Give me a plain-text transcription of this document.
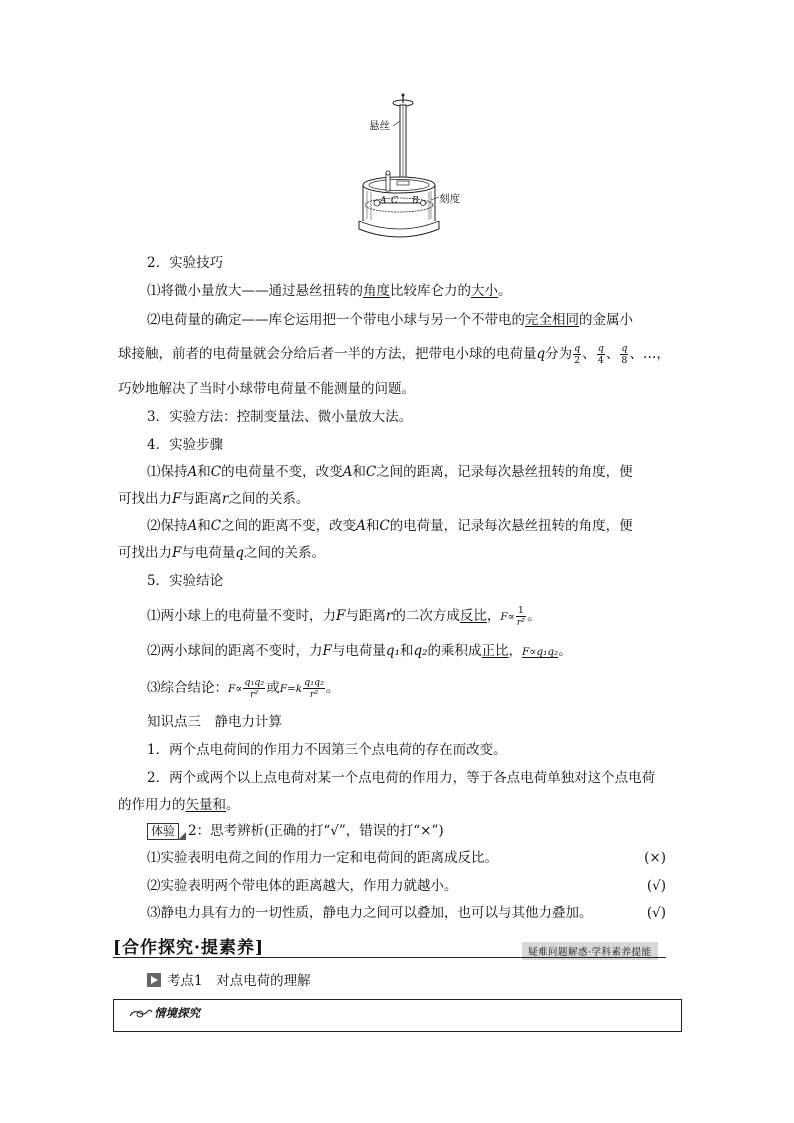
悬丝
刻度
A C B
2．实验技巧
⑴将微小量放大——通过悬丝扭转的角度比较库仑力的大小。
⑵电荷量的确定——库仑运用把一个带电小球与另一个不带电的完全相同的金属小
球接触，前者的电荷量就会分给后者一半的方法，把带电小球的电荷量q分为 $\frac{q}{2}$ 、 $\frac{q}{4}$ 、 $\frac{q}{8}$ 、…，
巧妙地解决了当时小球带电荷量不能测量的问题。
3．实验方法：控制变量法、微小量放大法。
4．实验步骤
⑴保持A和C的电荷量不变，改变A和C之间的距离，记录每次悬丝扭转的角度，便
可找出力F与距离r之间的关系。
⑵保持A和C之间的距离不变，改变A和C的电荷量，记录每次悬丝扭转的角度，便
可找出力F与电荷量q之间的关系。
5．实验结论
⑴两小球上的电荷量不变时，力F与距离r的二次方成反比，$F\propto \frac{1}{\text{r²}}$ 。
⑵两小球间的距离不变时，力F与电荷量q₁和q₂的乘积成正比，F∝q₁q₂。
⑶综合结论：$F\propto \frac{\text{q₁q₂}}{\text{r²}}$ 或$F=k \frac{\text{q₁q₂}}{\text{r²}}$ 。
知识点三　静电力计算
1．两个点电荷间的作用力不因第三个点电荷的存在而改变。
2．两个或两个以上点电荷对某一个点电荷的作用力，等于各点电荷单独对这个点电荷
的作用力的矢量和。
体验 2：思考辨析(正确的打“√”，错误的打“×”)
⑴实验表明电荷之间的作用力一定和电荷间的距离成反比。	(×)
⑵实验表明两个带电体的距离越大，作用力就越小。	(√)
⑶静电力具有力的一切性质，静电力之间可以叠加，也可以与其他力叠加。	(√)
[合作探究·提素养]	疑难问题解惑·学科素养提能
考点1　对点电荷的理解
情境探究
